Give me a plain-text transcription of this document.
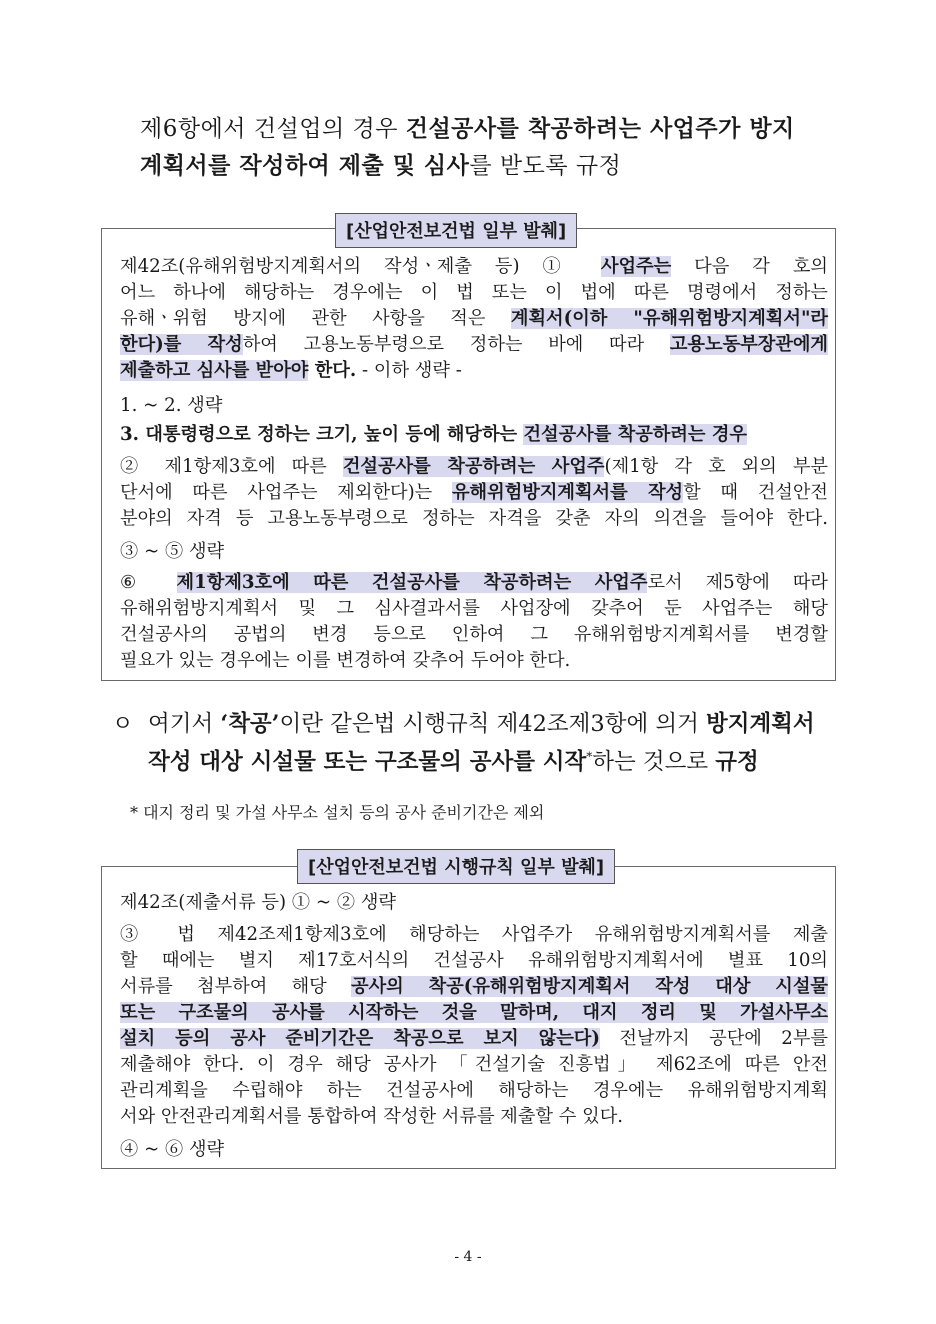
제6항에서 건설업의 경우 건설공사를 착공하려는 사업주가 방지
계획서를 작성하여 제출 및 심사를 받도록 규정
[산업안전보건법 일부 발췌]
제42조(유해위험방지계획서의 작성ㆍ제출 등) ① 사업주는 다음 각 호의
어느 하나에 해당하는 경우에는 이 법 또는 이 법에 따른 명령에서 정하는
유해ㆍ위험 방지에 관한 사항을 적은 계획서(이하 "유해위험방지계획서"라
한다)를 작성하여 고용노동부령으로 정하는 바에 따라 고용노동부장관에게
제출하고 심사를 받아야 한다. - 이하 생략 -
1. ~ 2. 생략
3. 대통령령으로 정하는 크기, 높이 등에 해당하는 건설공사를 착공하려는 경우
② 제1항제3호에 따른 건설공사를 착공하려는 사업주(제1항 각 호 외의 부분
단서에 따른 사업주는 제외한다)는 유해위험방지계획서를 작성할 때 건설안전
분야의 자격 등 고용노동부령으로 정하는 자격을 갖춘 자의 의견을 들어야 한다.
③ ~ ⑤ 생략
⑥ 제1항제3호에 따른 건설공사를 착공하려는 사업주로서 제5항에 따라
유해위험방지계획서 및 그 심사결과서를 사업장에 갖추어 둔 사업주는 해당
건설공사의 공법의 변경 등으로 인하여 그 유해위험방지계획서를 변경할
필요가 있는 경우에는 이를 변경하여 갖추어 두어야 한다.
ㅇ 여기서 ‘착공’이란 같은법 시행규칙 제42조제3항에 의거 방지계획서
작성 대상 시설물 또는 구조물의 공사를 시작*하는 것으로 규정
* 대지 정리 및 가설 사무소 설치 등의 공사 준비기간은 제외
[산업안전보건법 시행규칙 일부 발췌]
제42조(제출서류 등) ① ~ ② 생략
③ 법 제42조제1항제3호에 해당하는 사업주가 유해위험방지계획서를 제출
할 때에는 별지 제17호서식의 건설공사 유해위험방지계획서에 별표 10의
서류를 첨부하여 해당 공사의 착공(유해위험방지계획서 작성 대상 시설물
또는 구조물의 공사를 시작하는 것을 말하며, 대지 정리 및 가설사무소
설치 등의 공사 준비기간은 착공으로 보지 않는다) 전날까지 공단에 2부를
제출해야 한다. 이 경우 해당 공사가 「건설기술 진흥법」 제62조에 따른 안전
관리계획을 수립해야 하는 건설공사에 해당하는 경우에는 유해위험방지계획
서와 안전관리계획서를 통합하여 작성한 서류를 제출할 수 있다.
④ ~ ⑥ 생략
- 4 -
